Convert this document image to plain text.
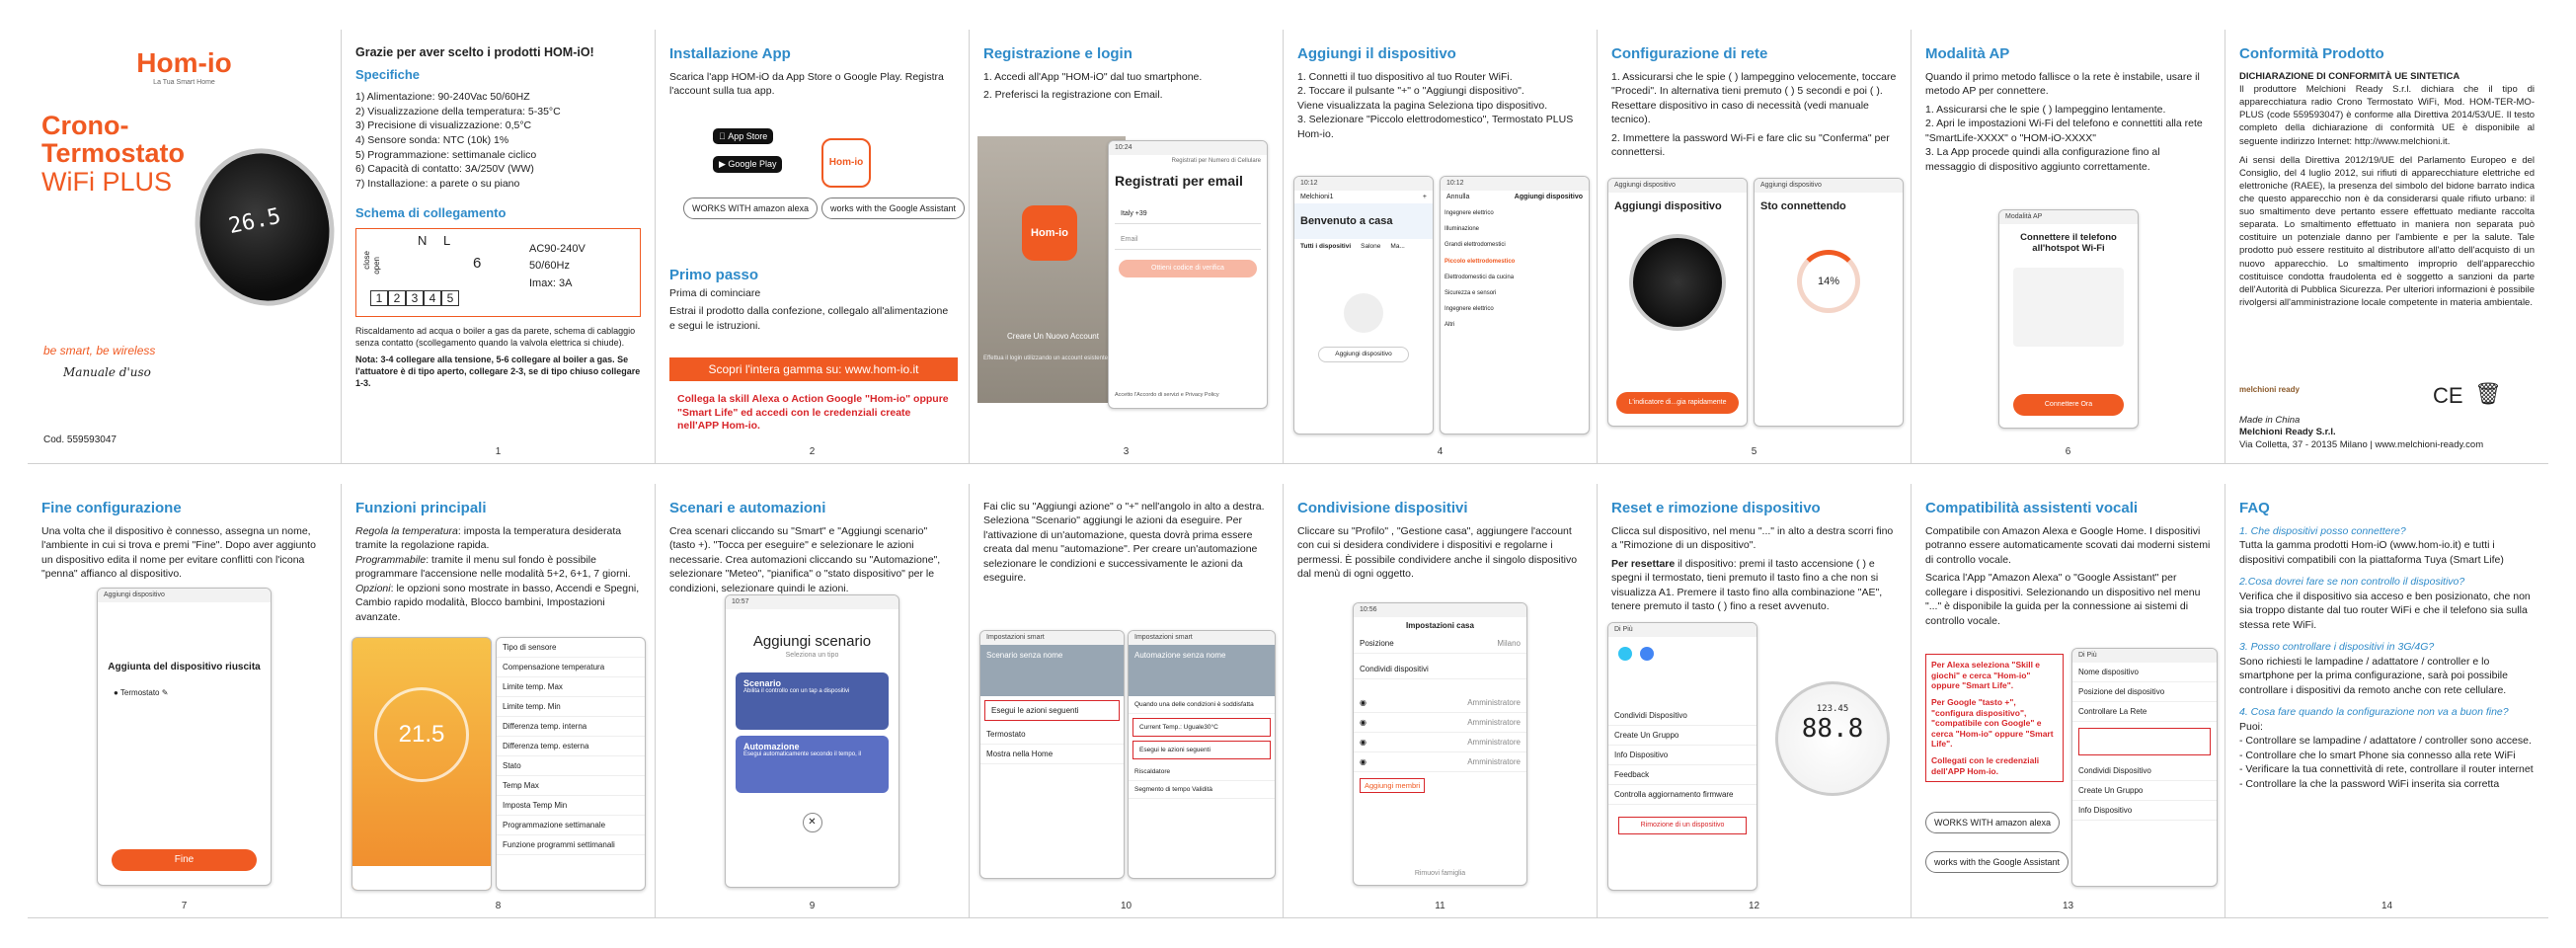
Hom-io
La Tua Smart Home
Crono-
Termostato
WiFi PLUS
26.5
be smart, be wireless
Manuale d'uso
Cod. 559593047
Grazie per aver scelto i prodotti HOM-iO!
Specifiche
1) Alimentazione: 90-240Vac 50/60HZ
2) Visualizzazione della temperatura: 5-35°C
3) Precisione di visualizzazione: 0,5°C
4) Sensore sonda: NTC (10k) 1%
5) Programmazione: settimanale ciclico
6) Capacità di contatto: 3A/250V (WW)
7) Installazione: a parete o su piano
Schema di collegamento
N L
6
close open
1 2 3 4 5
AC90-240V
50/60Hz
Imax: 3A
Riscaldamento ad acqua o boiler a gas da parete, schema di cablaggio senza contatto (scollegamento quando la valvola elettrica si chiude).
Nota: 3-4 collegare alla tensione, 5-6 collegare al boiler a gas. Se l'attuatore è di tipo aperto, collegare 2-3, se di tipo chiuso collegare 1-3.
1
Installazione App
Scarica l'app HOM-iO da App Store o Google Play. Registra l'account sulla tua app.
App Store
▶ Google Play	Hom-io
WORKS WITH amazon alexa	works with the Google Assistant
Primo passo
Prima di cominciare
Estrai il prodotto dalla confezione, collegalo all'alimentazione e segui le istruzioni.
Scopri l'intera gamma su: www.hom-io.it
Collega la skill Alexa o Action Google "Hom-io" oppure "Smart Life" ed accedi con le credenziali create nell'APP Hom-io.
2
Registrazione e login
1. Accedi all'App "HOM-iO" dal tuo smartphone.
2. Preferisci la registrazione con Email.
Hom-io
Creare Un Nuovo Account
Effettua il login utilizzando un account esistente
10:24
Registrati per Numero di Cellulare
Registrati per email
Italy +39
Email
Ottieni codice di verifica
Accetto l'Accordo di servizi e Privacy Policy
3
Aggiungi il dispositivo
1. Connetti il tuo dispositivo al tuo Router WiFi.
2. Toccare il pulsante "+" o "Aggiungi dispositivo".
Viene visualizzata la pagina Seleziona tipo dispositivo.
3. Selezionare "Piccolo elettrodomestico", Termostato PLUS Hom-io.
10:12
Melchioni1	+
Benvenuto a casa
Tutti i dispositivi Salone Ma...
Aggiungi dispositivo
10:12
Annulla	Aggiungi dispositivo
Ingegnere elettrico
Illuminazione
Grandi elettrodomestici
Piccolo elettrodomestico
Elettrodomestici da cucina
Sicurezza e sensori
Ingegnere elettrico
Altri
4
Configurazione di rete
1. Assicurarsi che le spie ( ) lampeggino velocemente, toccare "Procedi". In alternativa tieni premuto ( ) 5 secondi e poi ( ). Resettare dispositivo in caso di necessità (vedi manuale tecnico).
2. Immettere la password Wi-Fi e fare clic su "Conferma" per connettersi.
Aggiungi dispositivo
Aggiungi dispositivo
L'indicatore di...gia rapidamente
Aggiungi dispositivo
Sto connettendo
14%
5
Modalità AP
Quando il primo metodo fallisce o la rete è instabile, usare il metodo AP per connettere.
1. Assicurarsi che le spie ( ) lampeggino lentamente.
2. Apri le impostazioni Wi-Fi del telefono e connettiti alla rete "SmartLife-XXXX" o "HOM-iO-XXXX"
3. La App procede quindi alla configurazione fino al messaggio di dispositivo aggiunto correttamente.
Modalità AP
Connettere il telefono all'hotspot Wi-Fi
Connettere Ora
6
Conformità Prodotto
DICHIARAZIONE DI CONFORMITÀ UE SINTETICA
Il produttore Melchioni Ready S.r.l. dichiara che il tipo di apparecchiatura radio Crono Termostato WiFi, Mod. HOM-TER-MO-PLUS (code 559593047) è conforme alla Direttiva 2014/53/UE. Il testo completo della dichiarazione di conformità UE è disponibile al seguente indirizzo Internet: http://www.melchioni.it.
Ai sensi della Direttiva 2012/19/UE del Parlamento Europeo e del Consiglio, del 4 luglio 2012, sui rifiuti di apparecchiature elettriche ed elettroniche (RAEE), la presenza del simbolo del bidone barrato indica che questo apparecchio non è da considerarsi quale rifiuto urbano: il suo smaltimento deve pertanto essere effettuato mediante raccolta separata. Lo smaltimento effettuato in maniera non separata può costituire un potenziale danno per l'ambiente e per la salute. Tale prodotto può essere restituito al distributore all'atto dell'acquisto di un nuovo apparecchio. Lo smaltimento improprio dell'apparecchio costituisce condotta fraudolenta ed è soggetto a sanzioni da parte dell'Autorità di Pubblica Sicurezza. Per ulteriori informazioni è possibile rivolgersi all'amministrazione locale competente in materia ambientale.
melchioni ready	CE 🗑
Made in China
Melchioni Ready S.r.l.
Via Colletta, 37 - 20135 Milano | www.melchioni-ready.com
Fine configurazione
Una volta che il dispositivo è connesso, assegna un nome, l'ambiente in cui si trova e premi "Fine". Dopo aver aggiunto un dispositivo edita il nome per evitare conflitti con l'icona "penna" affianco al dispositivo.
Aggiungi dispositivo
Aggiunta del dispositivo riuscita
● Termostato ✎
Fine
7
Funzioni principali
Regola la temperatura: imposta la temperatura desiderata tramite la regolazione rapida.
Programmabile: tramite il menu sul fondo è possibile programmare l'accensione nelle modalità 5+2, 6+1, 7 giorni.
Opzioni: le opzioni sono mostrate in basso, Accendi e Spegni, Cambio rapido modalità, Blocco bambini, Impostazioni avanzate.
21.5
Tipo di sensore
Compensazione temperatura
Limite temp. Max
Limite temp. Min
Differenza temp. interna
Differenza temp. esterna
Stato
Temp Max
Imposta Temp Min
Programmazione settimanale
Funzione programmi settimanali
8
Scenari e automazioni
Crea scenari cliccando su "Smart" e "Aggiungi scenario" (tasto +). "Tocca per eseguire" e selezionare le azioni necessarie. Crea automazioni cliccando su "Automazione", selezionare "Meteo", "pianifica" o "stato dispositivo" per le condizioni, selezionare quindi le azioni.
10:57
Aggiungi scenario
Seleziona un tipo
Scenario
Abilita il controllo con un tap a dispositivi
Automazione
Esegui automaticamente secondo il tempo, il
✕
9
Fai clic su "Aggiungi azione" o "+" nell'angolo in alto a destra. Seleziona "Scenario" aggiungi le azioni da eseguire. Per l'attivazione di un'automazione, questa dovrà prima essere creata dal menu "automazione". Per creare un'automazione selezionare le condizioni e successivamente le azioni da eseguire.
Impostazioni smart
Scenario senza nome
Esegui le azioni seguenti
Termostato
Mostra nella Home
Impostazioni smart
Automazione senza nome
Quando una delle condizioni è soddisfatta
Current Temp.: Uguale30°C
Esegui le azioni seguenti
Riscaldatore
Segmento di tempo Validità
10
Condivisione dispositivi
Cliccare su "Profilo" , "Gestione casa", aggiungere l'account con cui si desidera condividere i dispositivi e regolarne i permessi. È possibile condividere anche il singolo dispositivo dal menù di ogni oggetto.
10:56
Impostazioni casa
Posizione	Milano
Condividi dispositivi
◉	Amministratore
◉	Amministratore
◉	Amministratore
◉	Amministratore
Aggiungi membri
Rimuovi famiglia
11
Reset e rimozione dispositivo
Clicca sul dispositivo, nel menu "..." in alto a destra scorri fino a "Rimozione di un dispositivo".
Per resettare il dispositivo: premi il tasto accensione ( ) e spegni il termostato, tieni premuto il tasto fino a che non si visualizza A1. Premere il tasto fino alla combinazione "AE", tenere premuto il tasto ( ) fino a reset avvenuto.
Di Più
Condividi Dispositivo
Create Un Gruppo
Info Dispositivo
Feedback
Controlla aggiornamento firmware
Rimozione di un dispositivo
123.45
88.8
12
Compatibilità assistenti vocali
Compatibile con Amazon Alexa e Google Home. I dispositivi potranno essere automaticamente scovati dai moderni sistemi di controllo vocale.
Scarica l'App "Amazon Alexa" o "Google Assistant" per collegare i dispositivi. Selezionando un dispositivo nel menu "..." è disponibile la guida per la connessione ai sistemi di controllo vocale.
Per Alexa seleziona "Skill e giochi" e cerca "Hom-io" oppure "Smart Life".
Per Google "tasto +", "configura dispositivo", "compatibile con Google" e cerca "Hom-io" oppure "Smart Life".
Collegati con le credenziali dell'APP Hom-io.
WORKS WITH amazon alexa
works with the Google Assistant
Di Più
Nome dispositivo
Posizione del dispositivo
Controllare La Rete
Condividi Dispositivo
Create Un Gruppo
Info Dispositivo
13
FAQ
1. Che dispositivi posso connettere?
Tutta la gamma prodotti Hom-iO (www.hom-io.it) e tutti i dispositivi compatibili con la piattaforma Tuya (Smart Life)
2.Cosa dovrei fare se non controllo il dispositivo?
Verifica che il dispositivo sia acceso e ben posizionato, che non sia troppo distante dal tuo router WiFi e che il telefono sia sulla stessa rete WiFi.
3. Posso controllare i dispositivi in 3G/4G?
Sono richiesti le lampadine / adattatore / controller e lo smartphone per la prima configurazione, sarà poi possibile controllare i dispositivi da remoto anche con rete cellulare.
4. Cosa fare quando la configurazione non va a buon fine?
Puoi:
- Controllare se lampadine / adattatore / controller sono accese.
- Controllare che lo smart Phone sia connesso alla rete WiFi
- Verificare la tua connettività di rete, controllare il router internet
- Controllare la che la password WiFi inserita sia corretta
14
